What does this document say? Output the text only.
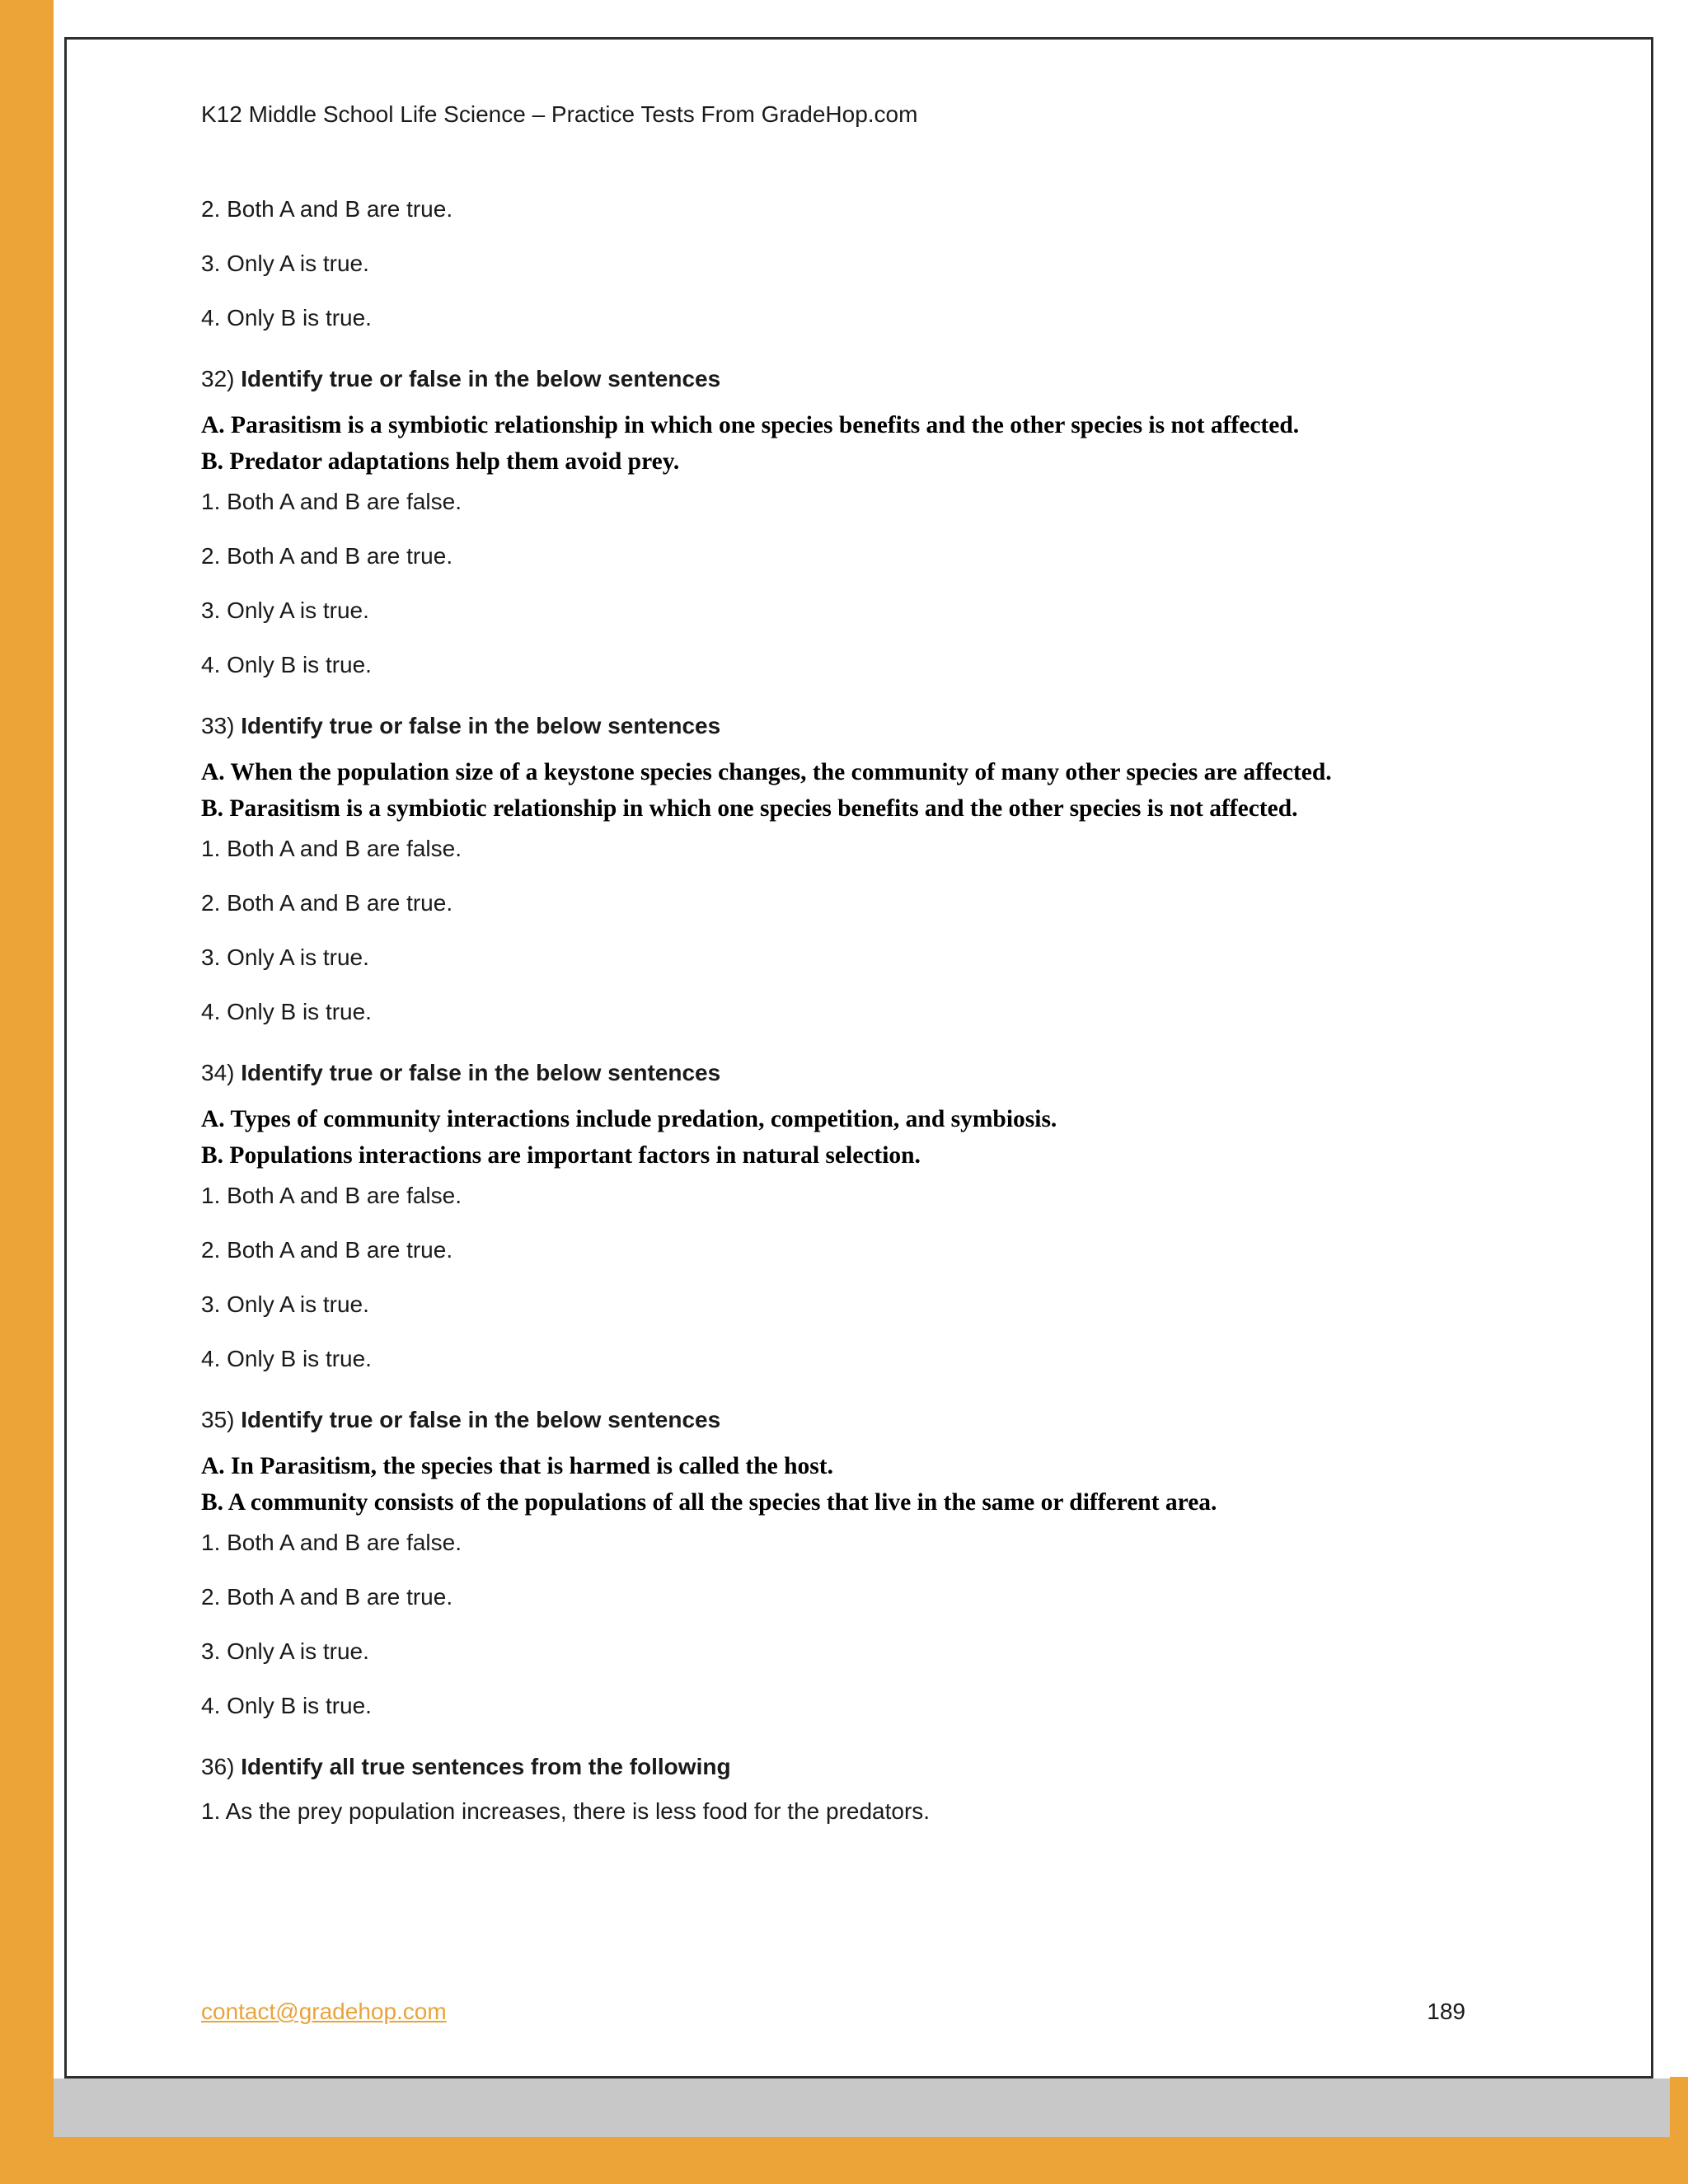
K12 Middle School Life Science – Practice Tests From GradeHop.com

2. Both A and B are true.

3. Only A is true.

4. Only B is true.

32) Identify true or false in the below sentences

A. Parasitism is a symbiotic relationship in which one species benefits and the other species is not affected.

B. Predator adaptations help them avoid prey.

1. Both A and B are false.

2. Both A and B are true.

3. Only A is true.

4. Only B is true.

33) Identify true or false in the below sentences

A. When the population size of a keystone species changes, the community of many other species are affected.

B. Parasitism is a symbiotic relationship in which one species benefits and the other species is not affected.

1. Both A and B are false.

2. Both A and B are true.

3. Only A is true.

4. Only B is true.

34) Identify true or false in the below sentences

A. Types of community interactions include predation, competition, and symbiosis.

B. Populations interactions are important factors in natural selection.

1. Both A and B are false.

2. Both A and B are true.

3. Only A is true.

4. Only B is true.

35) Identify true or false in the below sentences

A. In Parasitism, the species that is harmed is called the host.

B. A community consists of the populations of all the species that live in the same or different area.

1. Both A and B are false.

2. Both A and B are true.

3. Only A is true.

4. Only B is true.

36) Identify all true sentences from the following

1. As the prey population increases, there is less food for the predators.

contact@gradehop.com	189
